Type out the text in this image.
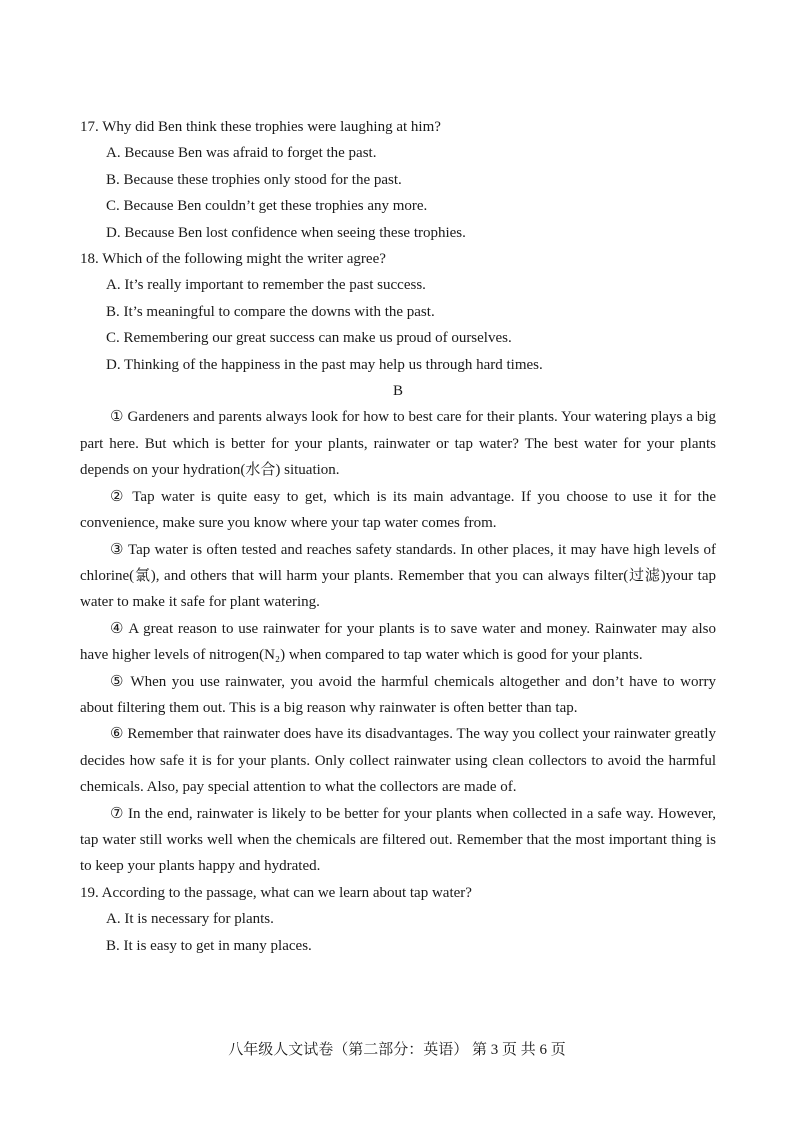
17. Why did Ben think these trophies were laughing at him?

A. Because Ben was afraid to forget the past.

B. Because these trophies only stood for the past.

C. Because Ben couldn’t get these trophies any more.

D. Because Ben lost confidence when seeing these trophies.

18. Which of the following might the writer agree?

A. It’s really important to remember the past success.

B. It’s meaningful to compare the downs with the past.

C. Remembering our great success can make us proud of ourselves.

D. Thinking of the happiness in the past may help us through hard times.

B

① Gardeners and parents always look for how to best care for their plants. Your watering plays a big part here. But which is better for your plants, rainwater or tap water? The best water for your plants depends on your hydration(水合) situation.

② Tap water is quite easy to get, which is its main advantage. If you choose to use it for the convenience, make sure you know where your tap water comes from.

③ Tap water is often tested and reaches safety standards. In other places, it may have high levels of chlorine(氯), and others that will harm your plants. Remember that you can always filter(过滤)your tap water to make it safe for plant watering.

④ A great reason to use rainwater for your plants is to save water and money. Rainwater may also have higher levels of nitrogen(N₂) when compared to tap water which is good for your plants.

⑤ When you use rainwater, you avoid the harmful chemicals altogether and don’t have to worry about filtering them out. This is a big reason why rainwater is often better than tap.

⑥ Remember that rainwater does have its disadvantages. The way you collect your rainwater greatly decides how safe it is for your plants. Only collect rainwater using clean collectors to avoid the harmful chemicals. Also, pay special attention to what the collectors are made of.

⑦ In the end, rainwater is likely to be better for your plants when collected in a safe way. However, tap water still works well when the chemicals are filtered out. Remember that the most important thing is to keep your plants happy and hydrated.

19. According to the passage, what can we learn about tap water?

A. It is necessary for plants.

B. It is easy to get in many places.

八年级人文试卷（第二部分：英语） 第 3 页 共 6 页
